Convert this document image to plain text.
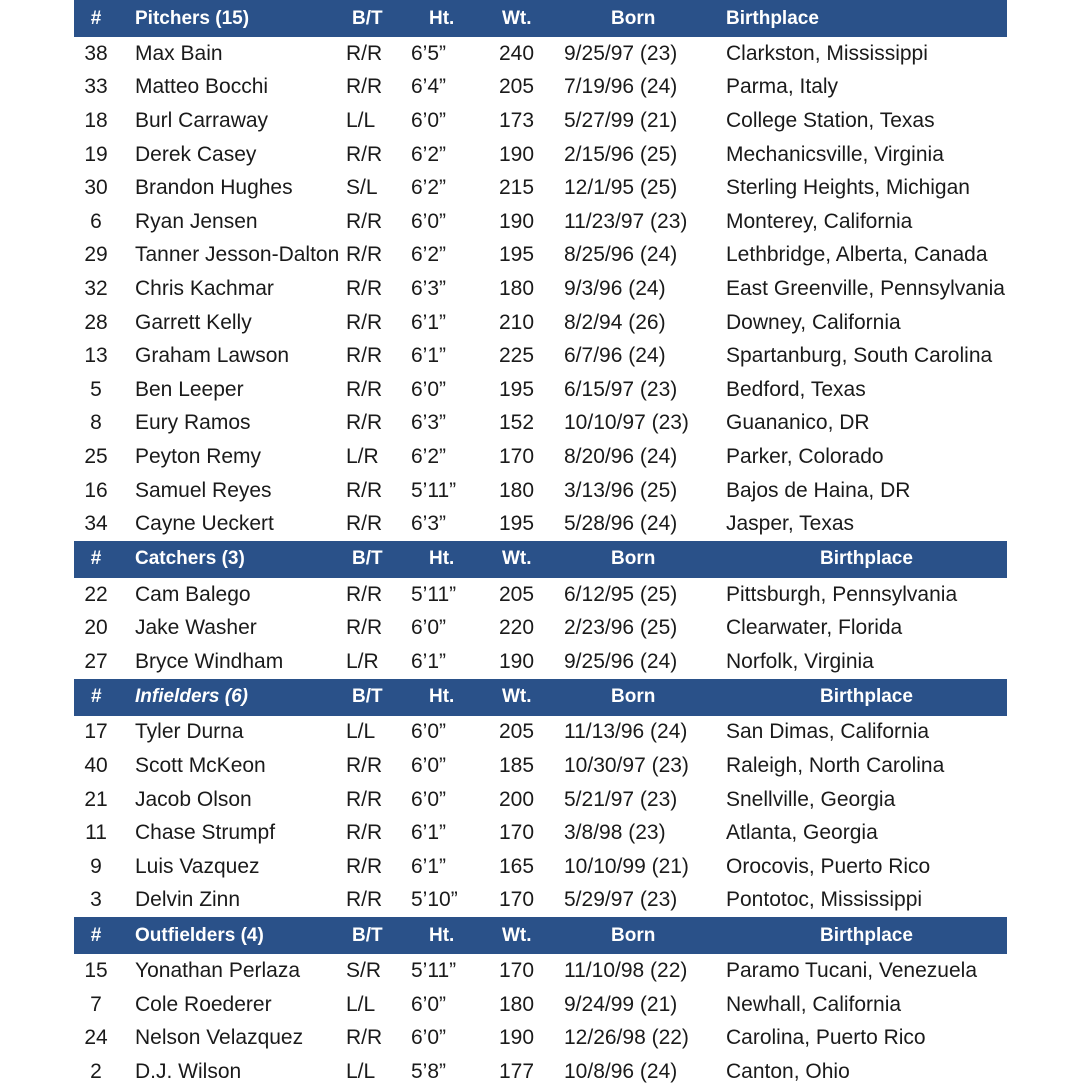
#	Pitchers (15)	B/T	Ht.	Wt.	Born	Birthplace
38	Max Bain	R/R 6’5”	240	9/25/97 (23)	Clarkston, Mississippi
33	Matteo Bocchi	R/R 6’4”	205	7/19/96 (24)	Parma, Italy
18	Burl Carraway	L/L	6’0”	173	5/27/99 (21)	College Station, Texas
19	Derek Casey	R/R 6’2”	190	2/15/96 (25)	Mechanicsville, Virginia
30	Brandon Hughes	S/L	6’2”	215	12/1/95 (25)	Sterling Heights, Michigan
6	Ryan Jensen	R/R 6’0”	190	11/23/97 (23)	Monterey, California
29	Tanner Jesson-Dalton R/R 6’2”	195	8/25/96 (24)	Lethbridge, Alberta, Canada
32	Chris Kachmar	R/R 6’3”	180	9/3/96 (24)	East Greenville, Pennsylvania
28	Garrett Kelly	R/R 6’1”	210	8/2/94 (26)	Downey, California
13	Graham Lawson	R/R 6’1”	225	6/7/96 (24)	Spartanburg, South Carolina
5	Ben Leeper	R/R 6’0”	195	6/15/97 (23)	Bedford, Texas
8	Eury Ramos	R/R 6’3”	152	10/10/97 (23)	Guananico, DR
25	Peyton Remy	L/R	6’2”	170	8/20/96 (24)	Parker, Colorado
16	Samuel Reyes	R/R 5’11”	180	3/13/96 (25)	Bajos de Haina, DR
34	Cayne Ueckert	R/R 6’3”	195	5/28/96 (24)	Jasper, Texas
#	Catchers (3)	B/T	Ht.	Wt.	Born	Birthplace
22	Cam Balego	R/R 5’11”	205	6/12/95 (25)	Pittsburgh, Pennsylvania
20	Jake Washer	R/R 6’0”	220	2/23/96 (25)	Clearwater, Florida
27	Bryce Windham	L/R	6’1”	190	9/25/96 (24)	Norfolk, Virginia
#	Infielders (6)	B/T	Ht.	Wt.	Born	Birthplace
17	Tyler Durna	L/L	6’0”	205	11/13/96 (24)	San Dimas, California
40	Scott McKeon	R/R 6’0”	185	10/30/97 (23)	Raleigh, North Carolina
21	Jacob Olson	R/R 6’0”	200	5/21/97 (23)	Snellville, Georgia
11	Chase Strumpf	R/R 6’1”	170	3/8/98 (23)	Atlanta, Georgia
9	Luis Vazquez	R/R 6’1”	165	10/10/99 (21)	Orocovis, Puerto Rico
3	Delvin Zinn	R/R 5’10”	170	5/29/97 (23)	Pontotoc, Mississippi
#	Outfielders (4)	B/T	Ht.	Wt.	Born	Birthplace
15	Yonathan Perlaza	S/R 5’11”	170	11/10/98 (22)	Paramo Tucani, Venezuela
7	Cole Roederer	L/L	6’0”	180	9/24/99 (21)	Newhall, California
24	Nelson Velazquez	R/R 6’0”	190	12/26/98 (22)	Carolina, Puerto Rico
2	D.J. Wilson	L/L	5’8”	177	10/8/96 (24)	Canton, Ohio
